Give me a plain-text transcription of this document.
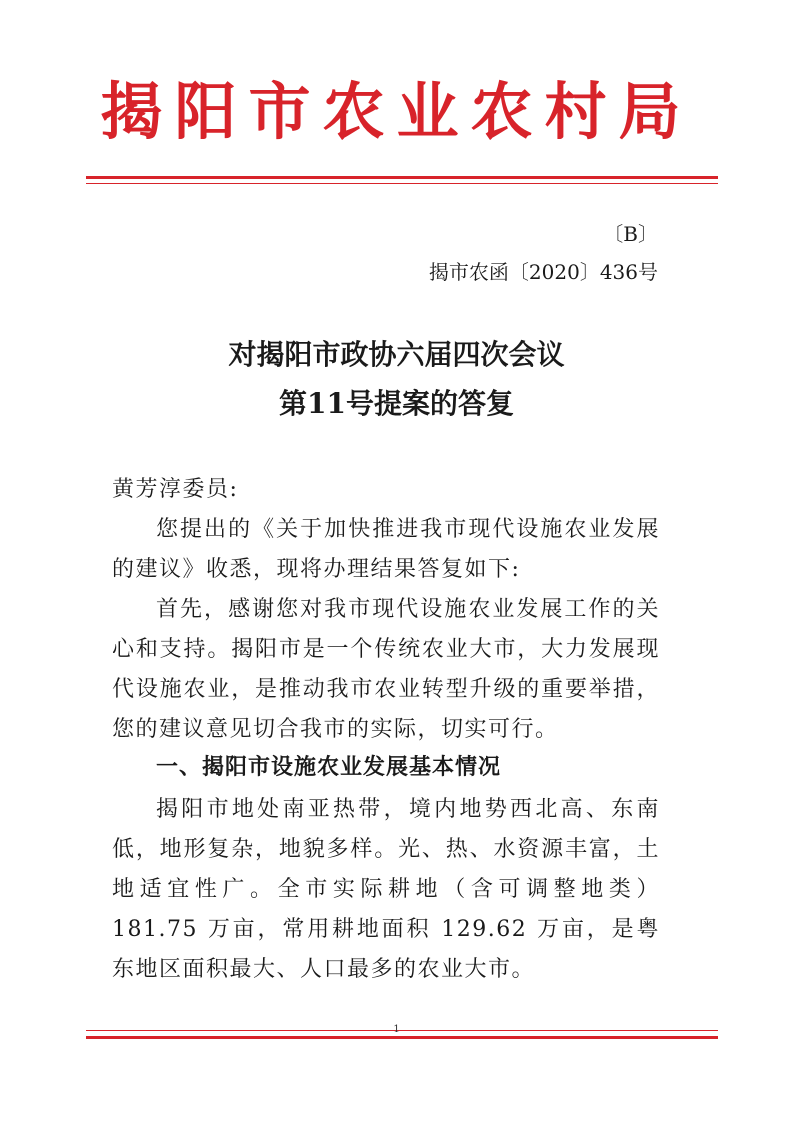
揭阳市农业农村局
〔B〕
揭市农函〔2020〕436号
对揭阳市政协六届四次会议
第11号提案的答复
黄芳淳委员:
您提出的《关于加快推进我市现代设施农业发展的建议》收悉，现将办理结果答复如下:
首先，感谢您对我市现代设施农业发展工作的关心和支持。揭阳市是一个传统农业大市，大力发展现代设施农业，是推动我市农业转型升级的重要举措，您的建议意见切合我市的实际，切实可行。
一、揭阳市设施农业发展基本情况
揭阳市地处南亚热带，境内地势西北高、东南低，地形复杂，地貌多样。光、热、水资源丰富，土地适宜性广。全市实际耕地（含可调整地类）181.75 万亩，常用耕地面积 129.62 万亩，是粤东地区面积最大、人口最多的农业大市。
1
